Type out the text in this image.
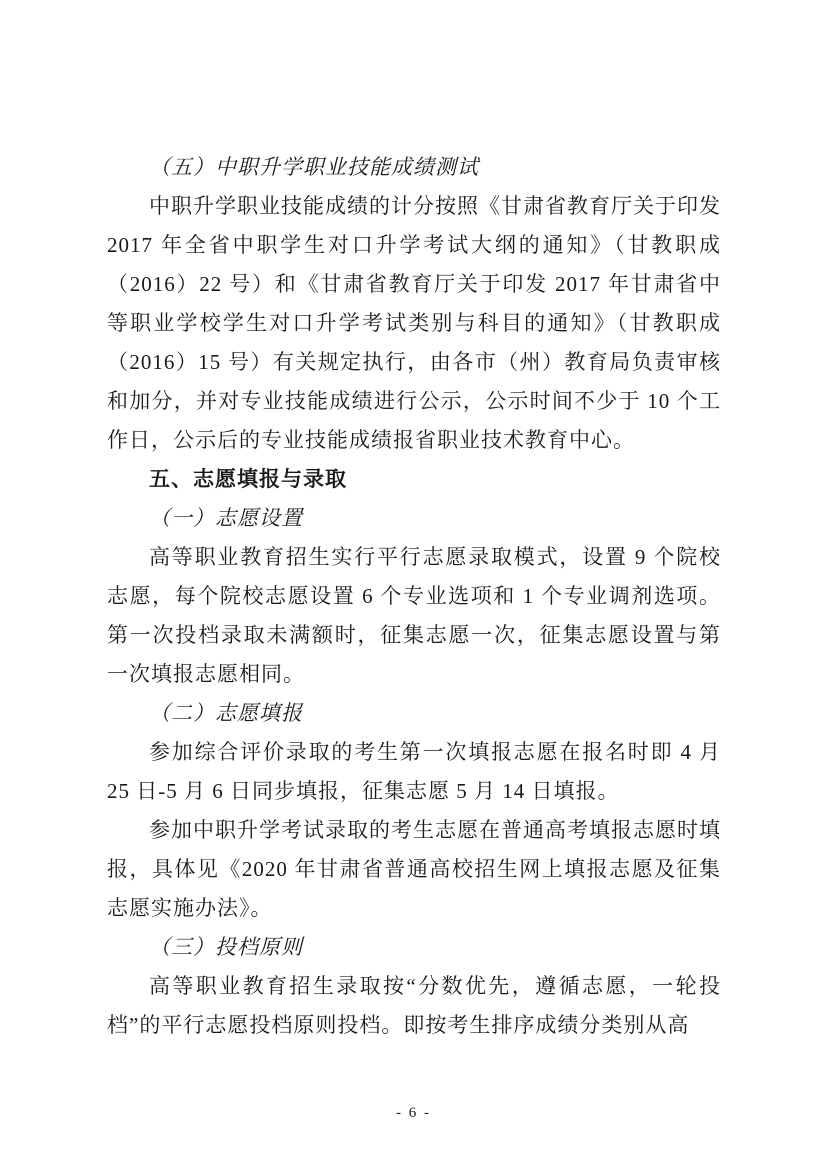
（五）中职升学职业技能成绩测试

中职升学职业技能成绩的计分按照《甘肃省教育厅关于印发 2017 年全省中职学生对口升学考试大纲的通知》（甘教职成（2016）22 号）和《甘肃省教育厅关于印发 2017 年甘肃省中等职业学校学生对口升学考试类别与科目的通知》（甘教职成（2016）15 号）有关规定执行，由各市（州）教育局负责审核和加分，并对专业技能成绩进行公示，公示时间不少于 10 个工作日，公示后的专业技能成绩报省职业技术教育中心。

五、志愿填报与录取

（一）志愿设置

高等职业教育招生实行平行志愿录取模式，设置 9 个院校志愿，每个院校志愿设置 6 个专业选项和 1 个专业调剂选项。第一次投档录取未满额时，征集志愿一次，征集志愿设置与第一次填报志愿相同。

（二）志愿填报

参加综合评价录取的考生第一次填报志愿在报名时即 4 月 25 日-5 月 6 日同步填报，征集志愿 5 月 14 日填报。

参加中职升学考试录取的考生志愿在普通高考填报志愿时填报，具体见《2020 年甘肃省普通高校招生网上填报志愿及征集志愿实施办法》。

（三）投档原则

高等职业教育招生录取按“分数优先，遵循志愿，一轮投档”的平行志愿投档原则投档。即按考生排序成绩分类别从高

- 6 -
